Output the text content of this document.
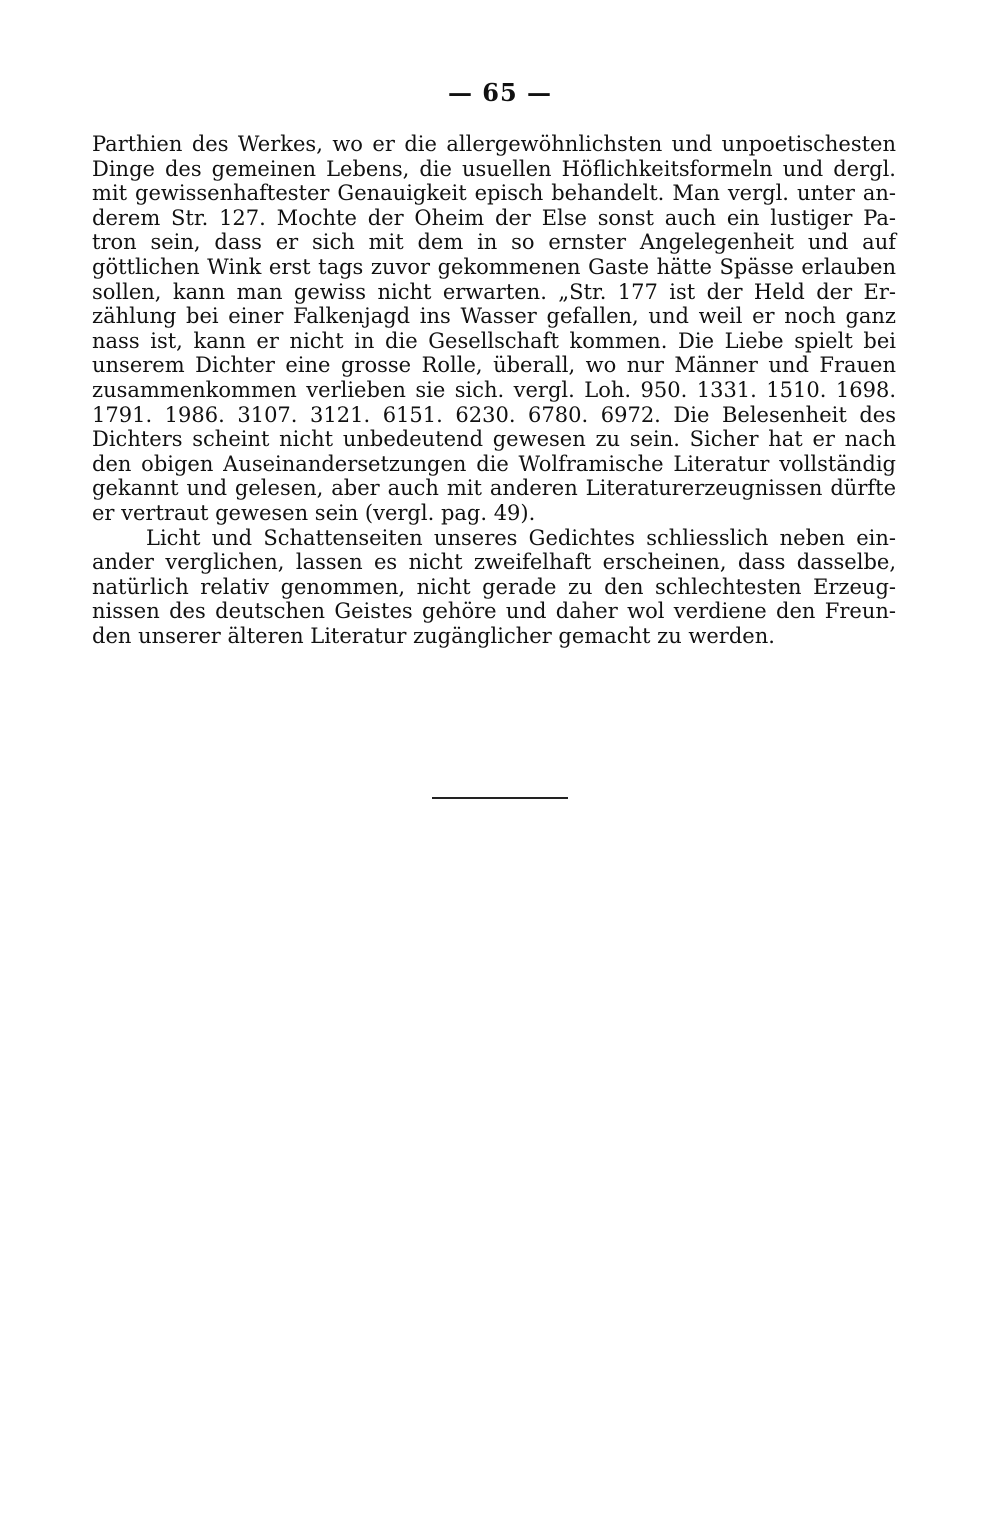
— 65 —
Parthien des Werkes, wo er die allergewöhnlichsten und unpoetischesten
Dinge des gemeinen Lebens, die usuellen Höflichkeitsformeln und dergl.
mit gewissenhaftester Genauigkeit episch behandelt. Man vergl. unter an-
derem Str. 127. Mochte der Oheim der Else sonst auch ein lustiger Pa-
tron sein, dass er sich mit dem in so ernster Angelegenheit und auf
göttlichen Wink erst tags zuvor gekommenen Gaste hätte Spässe erlauben
sollen, kann man gewiss nicht erwarten. „Str. 177 ist der Held der Er-
zählung bei einer Falkenjagd ins Wasser gefallen, und weil er noch ganz
nass ist, kann er nicht in die Gesellschaft kommen. Die Liebe spielt bei
unserem Dichter eine grosse Rolle, überall, wo nur Männer und Frauen
zusammenkommen verlieben sie sich. vergl. Loh. 950. 1331. 1510. 1698.
1791. 1986. 3107. 3121. 6151. 6230. 6780. 6972. Die Belesenheit des
Dichters scheint nicht unbedeutend gewesen zu sein. Sicher hat er nach
den obigen Auseinandersetzungen die Wolframische Literatur vollständig
gekannt und gelesen, aber auch mit anderen Literaturerzeugnissen dürfte
er vertraut gewesen sein (vergl. pag. 49).
Licht und Schattenseiten unseres Gedichtes schliesslich neben ein-
ander verglichen, lassen es nicht zweifelhaft erscheinen, dass dasselbe,
natürlich relativ genommen, nicht gerade zu den schlechtesten Erzeug-
nissen des deutschen Geistes gehöre und daher wol verdiene den Freun-
den unserer älteren Literatur zugänglicher gemacht zu werden.
